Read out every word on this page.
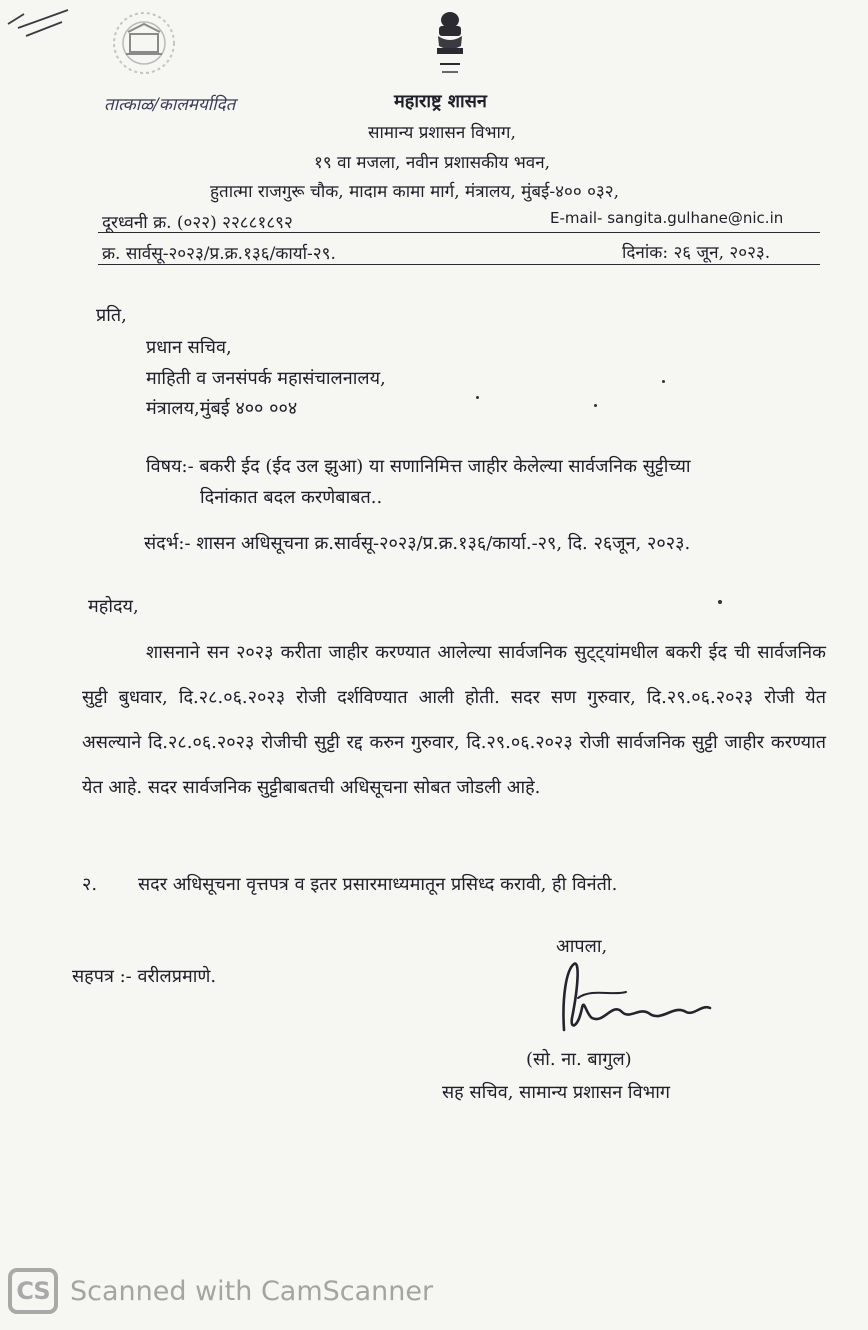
तात्काळ/कालमर्यादित	महाराष्ट्र शासन
सामान्य प्रशासन विभाग,
१९ वा मजला, नवीन प्रशासकीय भवन,
हुतात्मा राजगुरू चौक, मादाम कामा मार्ग, मंत्रालय, मुंबई-४०० ०३२,
दूरध्वनी क्र. (०२२) २२८८१८९२	E-mail- sangita.gulhane@nic.in
क्र. सार्वसू-२०२३/प्र.क्र.१३६/कार्या-२९.	दिनांक: २६ जून, २०२३.
प्रति,
प्रधान सचिव,
माहिती व जनसंपर्क महासंचालनालय,
मंत्रालय,मुंबई ४०० ००४
विषय:- बकरी ईद (ईद उल झुआ) या सणानिमित्त जाहीर केलेल्या सार्वजनिक सुट्टीच्या
दिनांकात बदल करणेबाबत..
संदर्भ:- शासन अधिसूचना क्र.सार्वसू-२०२३/प्र.क्र.१३६/कार्या.-२९, दि. २६जून, २०२३.
महोदय,
शासनाने सन २०२३ करीता जाहीर करण्यात आलेल्या सार्वजनिक सुट्ट्यांमधील बकरी ईद ची सार्वजनिक सुट्टी बुधवार, दि.२८.०६.२०२३ रोजी दर्शविण्यात आली होती. सदर सण गुरुवार, दि.२९.०६.२०२३ रोजी येत असल्याने दि.२८.०६.२०२३ रोजीची सुट्टी रद्द करुन गुरुवार, दि.२९.०६.२०२३ रोजी सार्वजनिक सुट्टी जाहीर करण्यात येत आहे. सदर सार्वजनिक सुट्टीबाबतची अधिसूचना सोबत जोडली आहे.
२. सदर अधिसूचना वृत्तपत्र व इतर प्रसारमाध्यमातून प्रसिध्द करावी, ही विनंती.
आपला,
(सो. ना. बागुल)
सह सचिव, सामान्य प्रशासन विभाग
सहपत्र :- वरीलप्रमाणे.
CS Scanned with CamScanner
